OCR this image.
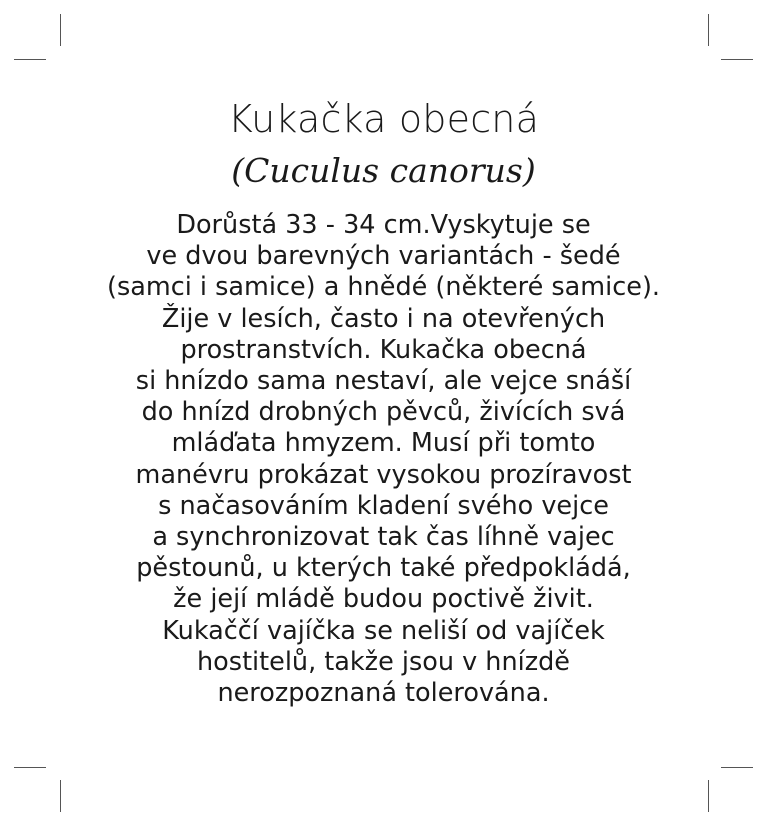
Kukačka obecná
(Cuculus canorus)
Dorůstá 33 - 34 cm.Vyskytuje se
ve dvou barevných variantách - šedé
(samci i samice) a hnědé (některé samice).
Žije v lesích, často i na otevřených
prostranstvích. Kukačka obecná
si hnízdo sama nestaví, ale vejce snáší
do hnízd drobných pěvců, živících svá
mláďata hmyzem. Musí při tomto
manévru prokázat vysokou prozíravost
s načasováním kladení svého vejce
a synchronizovat tak čas líhně vajec
pěstounů, u kterých také předpokládá,
že její mládě budou poctivě živit.
Kukaččí vajíčka se neliší od vajíček
hostitelů, takže jsou v hnízdě
nerozpoznaná tolerována.
